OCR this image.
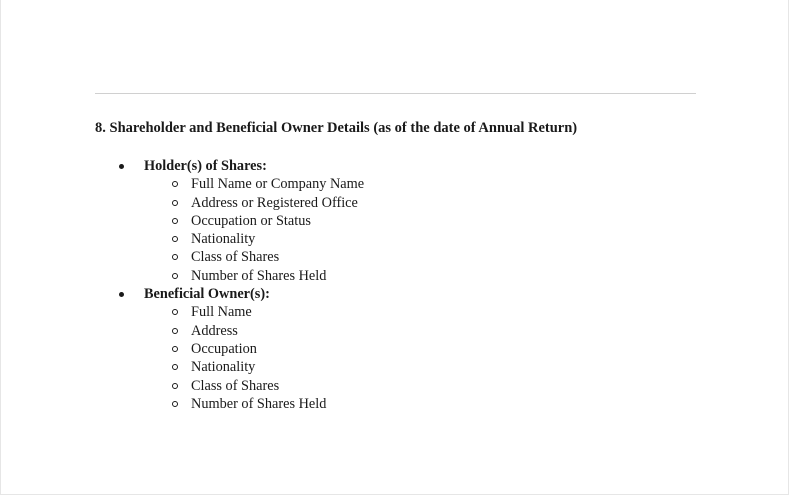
8. Shareholder and Beneficial Owner Details (as of the date of Annual Return)
Holder(s) of Shares:
Full Name or Company Name
Address or Registered Office
Occupation or Status
Nationality
Class of Shares
Number of Shares Held
Beneficial Owner(s):
Full Name
Address
Occupation
Nationality
Class of Shares
Number of Shares Held
